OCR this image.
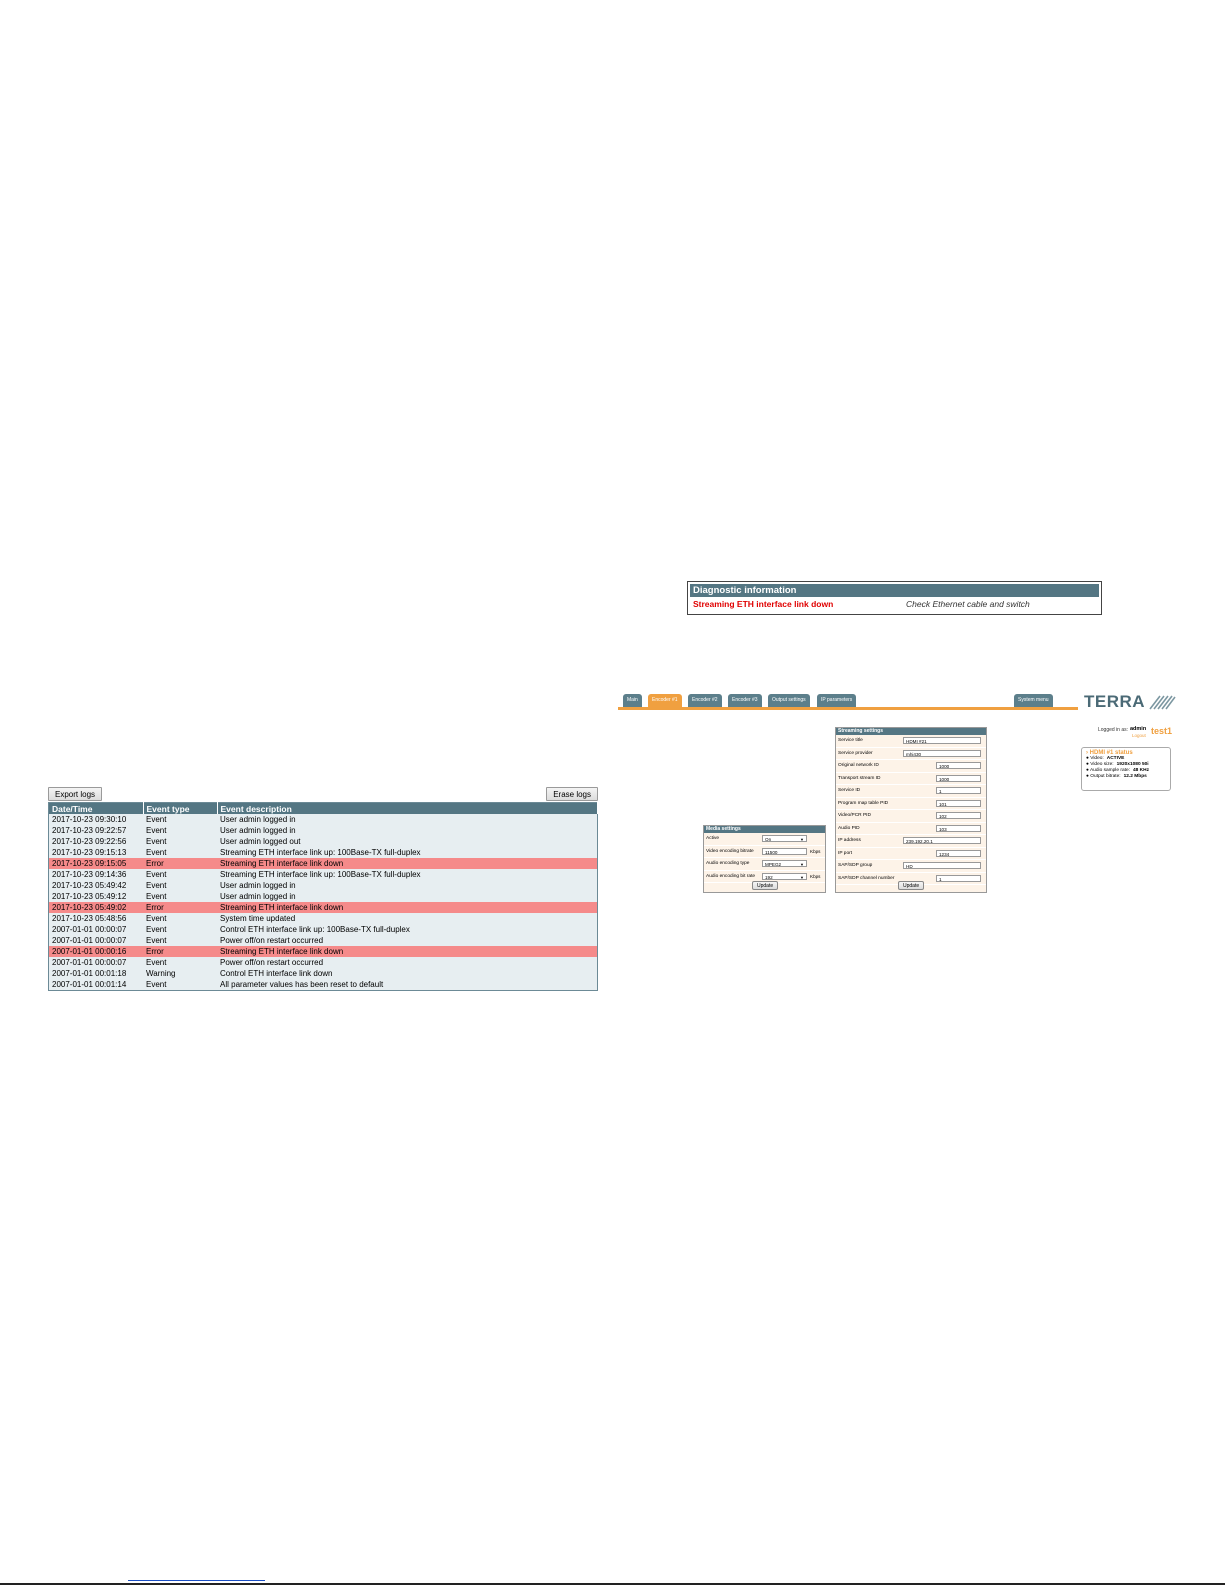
Export logs	Erase logs
Date/Time	Event type	Event description
2017-10-23 09:30:10	Event	User admin logged in
2017-10-23 09:22:57	Event	User admin logged in
2017-10-23 09:22:56	Event	User admin logged out
2017-10-23 09:15:13	Event	Streaming ETH interface link up: 100Base-TX full-duplex
2017-10-23 09:15:05	Error	Streaming ETH interface link down
2017-10-23 09:14:36	Event	Streaming ETH interface link up: 100Base-TX full-duplex
2017-10-23 05:49:42	Event	User admin logged in
2017-10-23 05:49:12	Event	User admin logged in
2017-10-23 05:49:02	Error	Streaming ETH interface link down
2017-10-23 05:48:56	Event	System time updated
2007-01-01 00:00:07	Event	Control ETH interface link up: 100Base-TX full-duplex
2007-01-01 00:00:07	Event	Power off/on restart occurred
2007-01-01 00:00:16	Error	Streaming ETH interface link down
2007-01-01 00:00:07	Event	Power off/on restart occurred
2007-01-01 00:01:18	Warning	Control ETH interface link down
2007-01-01 00:01:14	Event	All parameter values has been reset to default
Diagnostic information
Streaming ETH interface link down	Check Ethernet cable and switch
Main	Encoder #1	Encoder #2	Encoder #3	Output settings	IP parameters	System menu TERRA
Logged in as: admin
Logout test1
› HDMI #1 status
● Video: ACTIVE
● Video size: 1920x1080 50i
● Audio sample rate: 48 KHz
● Output bitrate: 12.2 Mbps
Media settings
Active	On	▼
Video encoding bitrate	11500	Kbps
Audio encoding type	MPEG2	▼
Audio encoding bit rate	192	▼ Kbps
Update
Streaming settings
Service title	HDMI #21
Service provider	mhi430
Original network ID	1000
Transport stream ID	1000
Service ID	1
Program map table PID	101
Video/PCR PID	102
Audio PID	103
IP address	239.192.20.1
IP port	1234
SAP/SDP group	HD
SAP/SDP channel number	1
Update
